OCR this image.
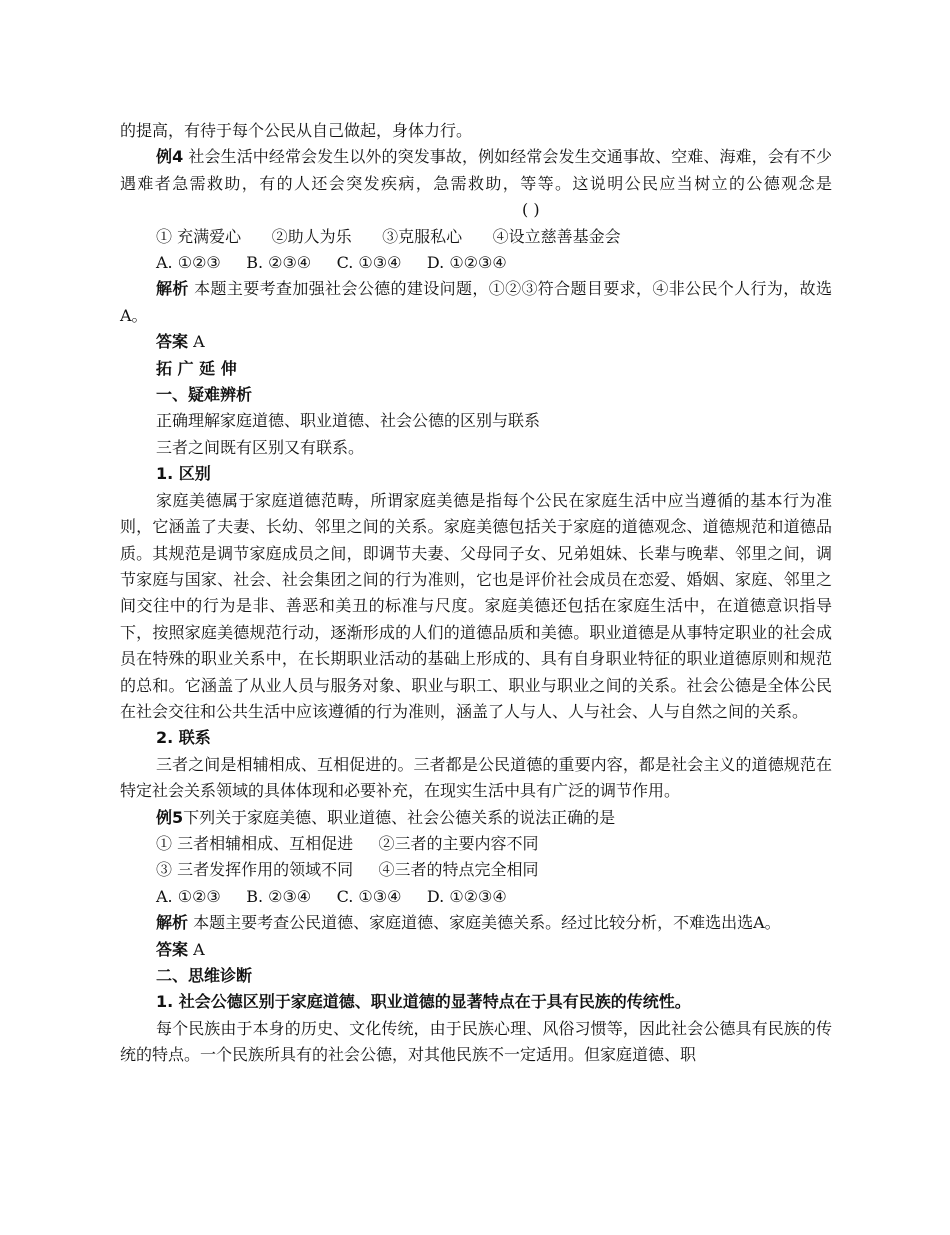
的提高，有待于每个公民从自己做起，身体力行。

例4 社会生活中经常会发生以外的突发事故，例如经常会发生交通事故、空难、海难，会有不少遇难者急需救助，有的人还会突发疾病，急需救助，等等。这说明公民应当树立的公德观念是( )

① 充满爱心      ②助人为乐      ③克服私心      ④设立慈善基金会

A. ①②③     B. ②③④     C. ①③④     D. ①②③④

解析 本题主要考查加强社会公德的建设问题，①②③符合题目要求，④非公民个人行为，故选A。

答案 A

拓 广 延 伸

一、疑难辨析

正确理解家庭道德、职业道德、社会公德的区别与联系

三者之间既有区别又有联系。

1. 区别

家庭美德属于家庭道德范畴，所谓家庭美德是指每个公民在家庭生活中应当遵循的基本行为准则，它涵盖了夫妻、长幼、邻里之间的关系。家庭美德包括关于家庭的道德观念、道德规范和道德品质。其规范是调节家庭成员之间，即调节夫妻、父母同子女、兄弟姐妹、长辈与晚辈、邻里之间，调节家庭与国家、社会、社会集团之间的行为准则，它也是评价社会成员在恋爱、婚姻、家庭、邻里之间交往中的行为是非、善恶和美丑的标准与尺度。家庭美德还包括在家庭生活中，在道德意识指导下，按照家庭美德规范行动，逐渐形成的人们的道德品质和美德。职业道德是从事特定职业的社会成员在特殊的职业关系中，在长期职业活动的基础上形成的、具有自身职业特征的职业道德原则和规范的总和。它涵盖了从业人员与服务对象、职业与职工、职业与职业之间的关系。社会公德是全体公民在社会交往和公共生活中应该遵循的行为准则，涵盖了人与人、人与社会、人与自然之间的关系。

2. 联系

三者之间是相辅相成、互相促进的。三者都是公民道德的重要内容，都是社会主义的道德规范在特定社会关系领域的具体体现和必要补充，在现实生活中具有广泛的调节作用。

例5下列关于家庭美德、职业道德、社会公德关系的说法正确的是

① 三者相辅相成、互相促进     ②三者的主要内容不同

③ 三者发挥作用的领域不同     ④三者的特点完全相同

A. ①②③     B. ②③④     C. ①③④     D. ①②③④

解析 本题主要考查公民道德、家庭道德、家庭美德关系。经过比较分析，不难选出选A。

答案 A

二、思维诊断

1. 社会公德区别于家庭道德、职业道德的显著特点在于具有民族的传统性。

每个民族由于本身的历史、文化传统，由于民族心理、风俗习惯等，因此社会公德具有民族的传统的特点。一个民族所具有的社会公德，对其他民族不一定适用。但家庭道德、职
